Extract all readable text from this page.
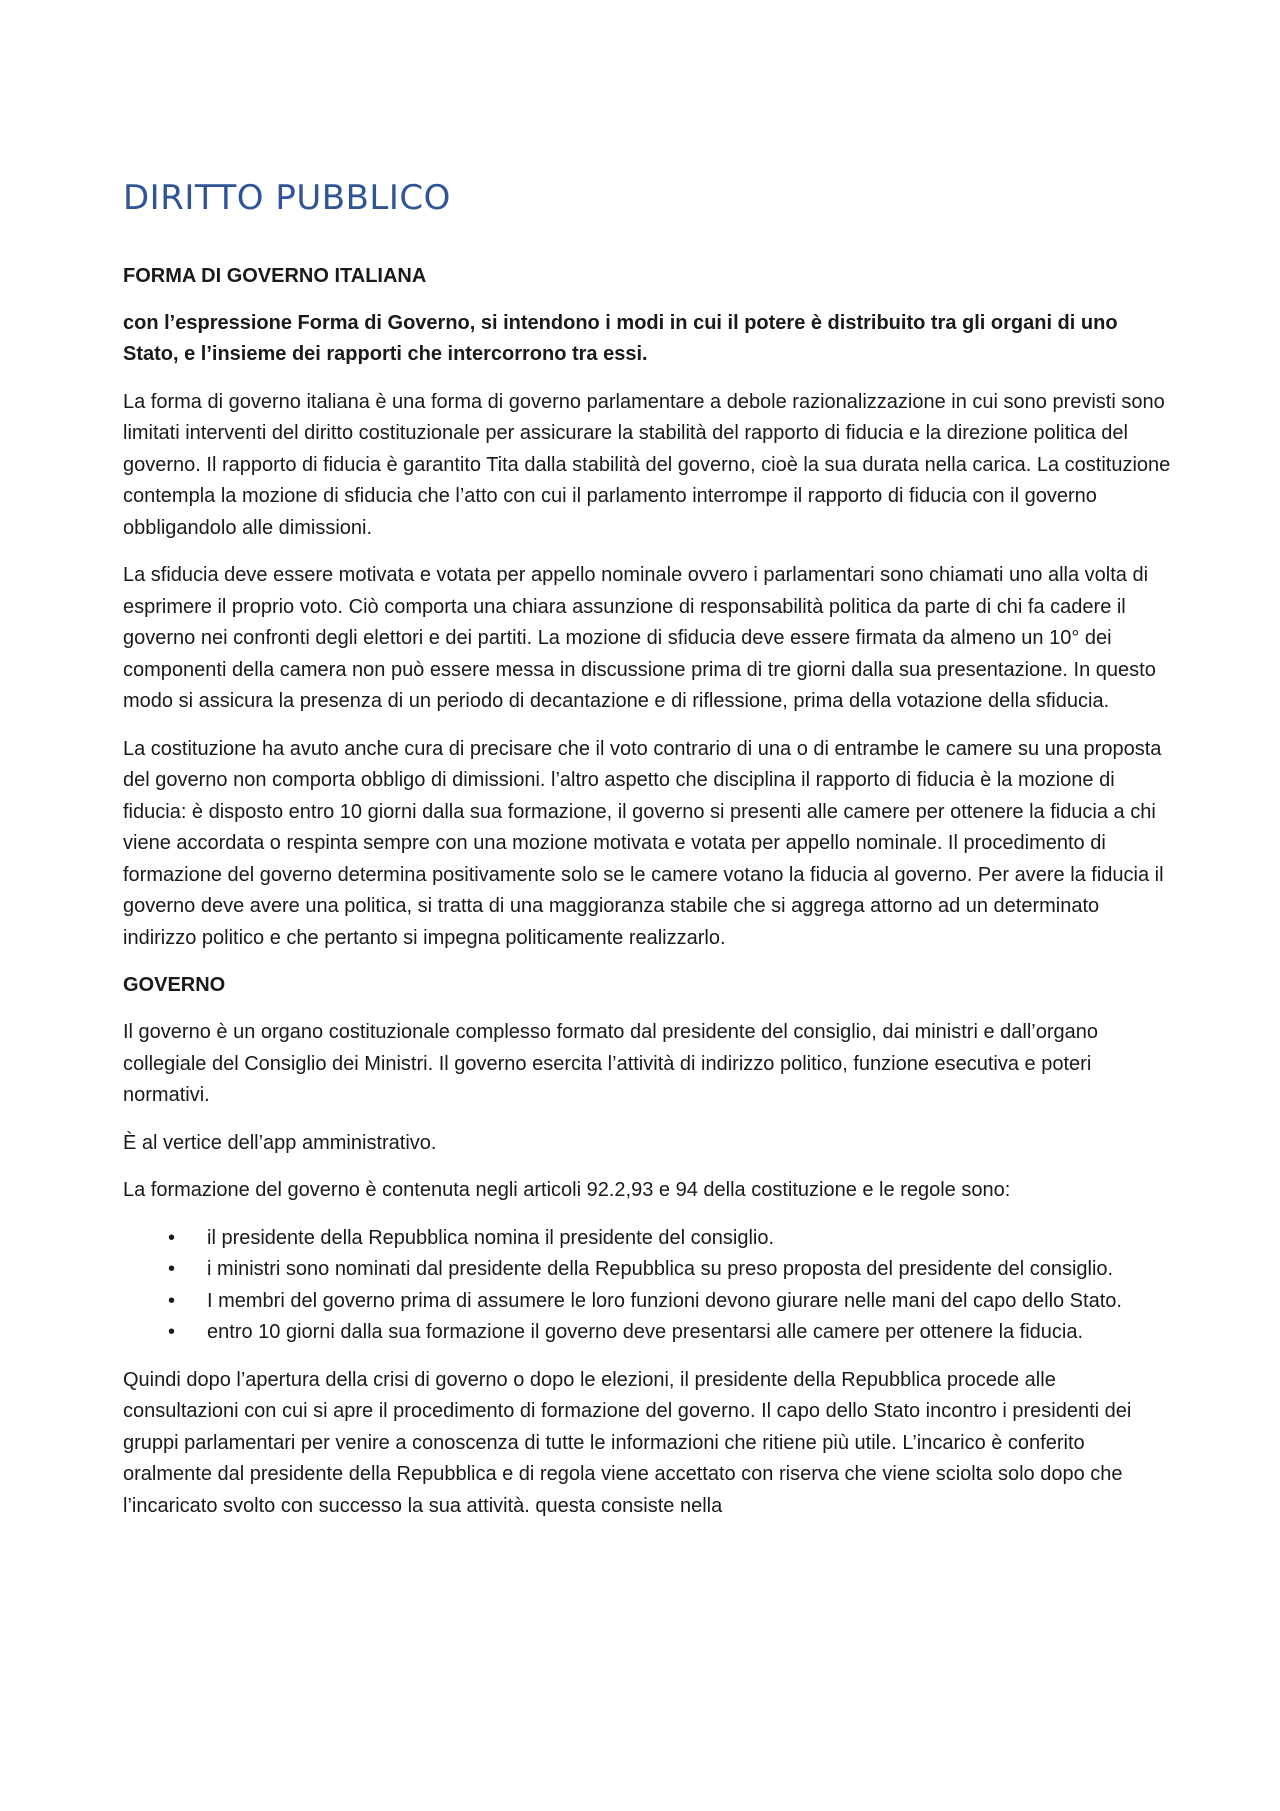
DIRITTO PUBBLICO
FORMA DI GOVERNO ITALIANA

con l’espressione Forma di Governo, si intendono i modi in cui il potere è distribuito tra gli organi di uno Stato, e l’insieme dei rapporti che intercorrono tra essi.

La forma di governo italiana è una forma di governo parlamentare a debole razionalizzazione in cui sono previsti sono limitati interventi del diritto costituzionale per assicurare la stabilità del rapporto di fiducia e la direzione politica del governo. Il rapporto di fiducia è garantito Tita dalla stabilità del governo, cioè la sua durata nella carica. La costituzione contempla la mozione di sfiducia che l’atto con cui il parlamento interrompe il rapporto di fiducia con il governo obbligandolo alle dimissioni.

La sfiducia deve essere motivata e votata per appello nominale ovvero i parlamentari sono chiamati uno alla volta di esprimere il proprio voto. Ciò comporta una chiara assunzione di responsabilità politica da parte di chi fa cadere il governo nei confronti degli elettori e dei partiti. La mozione di sfiducia deve essere firmata da almeno un 10° dei componenti della camera non può essere messa in discussione prima di tre giorni dalla sua presentazione. In questo modo si assicura la presenza di un periodo di decantazione e di riflessione, prima della votazione della sfiducia.

La costituzione ha avuto anche cura di precisare che il voto contrario di una o di entrambe le camere su una proposta del governo non comporta obbligo di dimissioni. l’altro aspetto che disciplina il rapporto di fiducia è la mozione di fiducia: è disposto entro 10 giorni dalla sua formazione, il governo si presenti alle camere per ottenere la fiducia a chi viene accordata o respinta sempre con una mozione motivata e votata per appello nominale. Il procedimento di formazione del governo determina positivamente solo se le camere votano la fiducia al governo. Per avere la fiducia il governo deve avere una politica, si tratta di una maggioranza stabile che si aggrega attorno ad un determinato indirizzo politico e che pertanto si impegna politicamente realizzarlo.

GOVERNO

Il governo è un organo costituzionale complesso formato dal presidente del consiglio, dai ministri e dall’organo collegiale del Consiglio dei Ministri. Il governo esercita l’attività di indirizzo politico, funzione esecutiva e poteri normativi.

È al vertice dell’app amministrativo.

La formazione del governo è contenuta negli articoli 92.2,93 e 94 della costituzione e le regole sono:

• il presidente della Repubblica nomina il presidente del consiglio.
• i ministri sono nominati dal presidente della Repubblica su preso proposta del presidente del consiglio.
• I membri del governo prima di assumere le loro funzioni devono giurare nelle mani del capo dello Stato.
• entro 10 giorni dalla sua formazione il governo deve presentarsi alle camere per ottenere la fiducia.

Quindi dopo l’apertura della crisi di governo o dopo le elezioni, il presidente della Repubblica procede alle consultazioni con cui si apre il procedimento di formazione del governo. Il capo dello Stato incontro i presidenti dei gruppi parlamentari per venire a conoscenza di tutte le informazioni che ritiene più utile. L’incarico è conferito oralmente dal presidente della Repubblica e di regola viene accettato con riserva che viene sciolta solo dopo che l’incaricato svolto con successo la sua attività. questa consiste nella
